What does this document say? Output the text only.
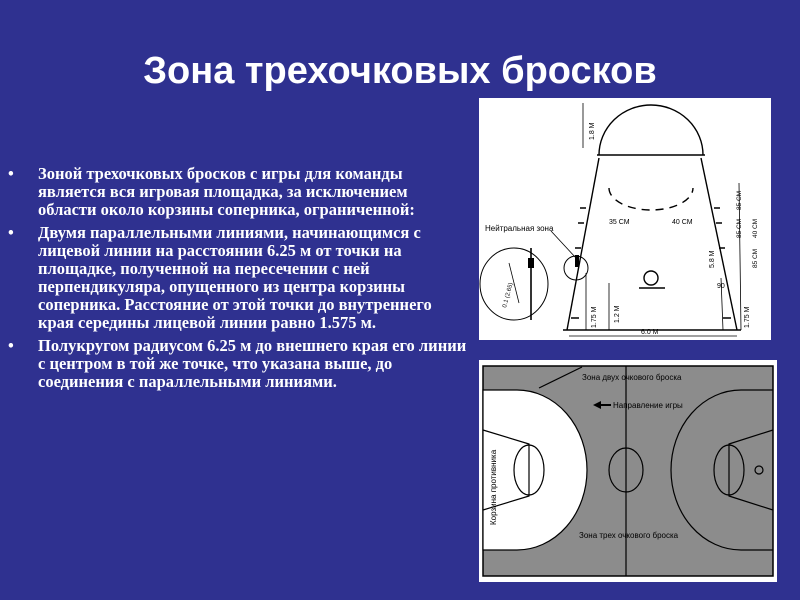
Зона трехочковых бросков
• Зоной трехочковых бросков с игры для команды является вся игровая площадка, за исключением области около корзины соперника, ограниченной:
• Двумя параллельными линиями, начинающимся с лицевой линии на расстоянии 6.25 м от точки на площадке, полученной на пересечении с ней перпендикуляра, опущенного из центра корзины соперника. Расстояние от этой точки до внутреннего края середины лицевой линии равно 1.575 м.
• Полукругом радиусом 6.25 м до внешнего края его линии с центром в той же точке, что указана выше, до соединения с параллельными линиями.
Нейтральная зона
0.1 (2.65)
1.8 М
35 СМ	40 СМ
5.8 М
1.75 М 1.2 М
90
1.75 М
6.0 М
85 СМ
85 СМ 40 СМ
85 СМ
Зона двух очкового броска
Направление игры
Корзина противника
Зона трех очкового броска
